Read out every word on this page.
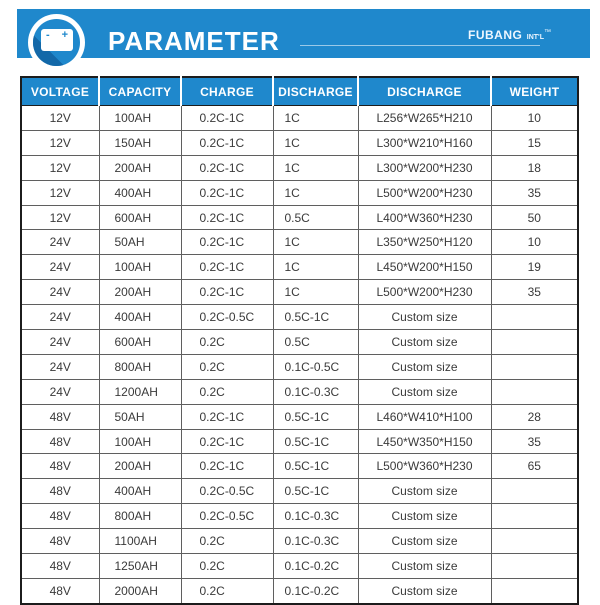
PARAMETER	FUBANG INT'L™
- +
VOLTAGE	CAPACITY	CHARGE	DISCHARGE	DISCHARGE	WEIGHT
12V	100AH	0.2C-1C	1C	L256*W265*H210	10
12V	150AH	0.2C-1C	1C	L300*W210*H160	15
12V	200AH	0.2C-1C	1C	L300*W200*H230	18
12V	400AH	0.2C-1C	1C	L500*W200*H230	35
12V	600AH	0.2C-1C	0.5C	L400*W360*H230	50
24V	50AH	0.2C-1C	1C	L350*W250*H120	10
24V	100AH	0.2C-1C	1C	L450*W200*H150	19
24V	200AH	0.2C-1C	1C	L500*W200*H230	35
24V	400AH	0.2C-0.5C	0.5C-1C	Custom size	
24V	600AH	0.2C	0.5C	Custom size	
24V	800AH	0.2C	0.1C-0.5C	Custom size	
24V	1200AH	0.2C	0.1C-0.3C	Custom size	
48V	50AH	0.2C-1C	0.5C-1C	L460*W410*H100	28
48V	100AH	0.2C-1C	0.5C-1C	L450*W350*H150	35
48V	200AH	0.2C-1C	0.5C-1C	L500*W360*H230	65
48V	400AH	0.2C-0.5C	0.5C-1C	Custom size	
48V	800AH	0.2C-0.5C	0.1C-0.3C	Custom size	
48V	1100AH	0.2C	0.1C-0.3C	Custom size	
48V	1250AH	0.2C	0.1C-0.2C	Custom size	
48V	2000AH	0.2C	0.1C-0.2C	Custom size	
